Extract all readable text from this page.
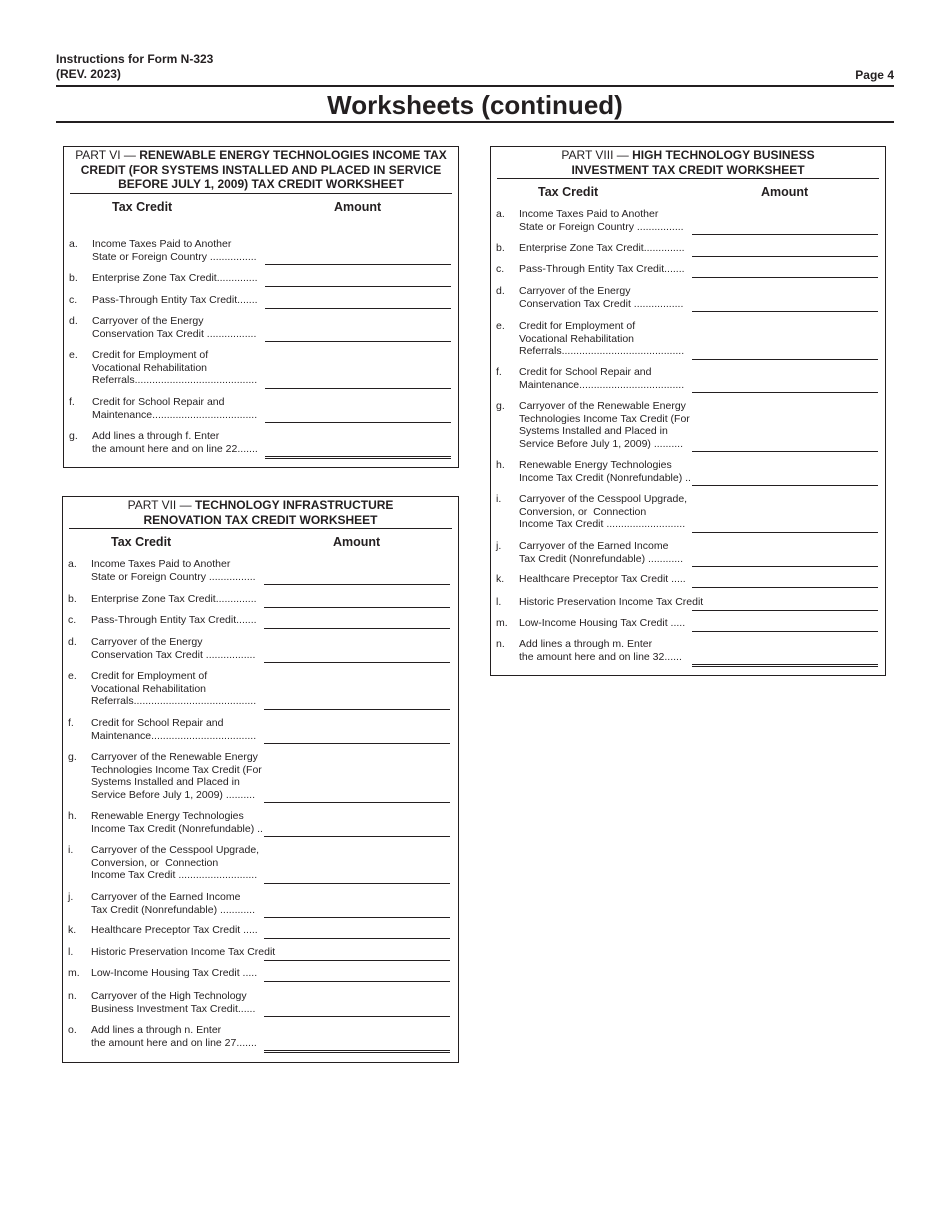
Instructions for Form N-323
(REV. 2023)	Page 4
Worksheets (continued)
PART VI — RENEWABLE ENERGY TECHNOLOGIES INCOME TAX CREDIT (FOR SYSTEMS INSTALLED AND PLACED IN SERVICE BEFORE JULY 1, 2009) TAX CREDIT WORKSHEET
Tax Credit	Amount
a. Income Taxes Paid to Another
State or Foreign Country ................
b. Enterprise Zone Tax Credit..............
c. Pass-Through Entity Tax Credit.......
d. Carryover of the Energy
Conservation Tax Credit .................
e. Credit for Employment of
Vocational Rehabilitation
Referrals..........................................
f. Credit for School Repair and
Maintenance....................................
g. Add lines a through f. Enter
the amount here and on line 22.......
PART VII — TECHNOLOGY INFRASTRUCTURE RENOVATION TAX CREDIT WORKSHEET
Tax Credit	Amount
a. Income Taxes Paid to Another
State or Foreign Country ................
b. Enterprise Zone Tax Credit..............
c. Pass-Through Entity Tax Credit.......
d. Carryover of the Energy
Conservation Tax Credit .................
e. Credit for Employment of
Vocational Rehabilitation
Referrals..........................................
f. Credit for School Repair and
Maintenance....................................
g. Carryover of the Renewable Energy
Technologies Income Tax Credit (For
Systems Installed and Placed in
Service Before July 1, 2009) ..........
h. Renewable Energy Technologies
Income Tax Credit (Nonrefundable) ..
i. Carryover of the Cesspool Upgrade,
Conversion, or  Connection
Income Tax Credit ...........................
j. Carryover of the Earned Income
Tax Credit (Nonrefundable) ............
k. Healthcare Preceptor Tax Credit .....
l. Historic Preservation Income Tax Credit
m. Low-Income Housing Tax Credit .....
n. Carryover of the High Technology
Business Investment Tax Credit......
o. Add lines a through n. Enter
the amount here and on line 27.......
PART VIII — HIGH TECHNOLOGY BUSINESS INVESTMENT TAX CREDIT WORKSHEET
Tax Credit	Amount
a. Income Taxes Paid to Another
State or Foreign Country ................
b. Enterprise Zone Tax Credit..............
c. Pass-Through Entity Tax Credit.......
d. Carryover of the Energy
Conservation Tax Credit .................
e. Credit for Employment of
Vocational Rehabilitation
Referrals..........................................
f. Credit for School Repair and
Maintenance....................................
g. Carryover of the Renewable Energy
Technologies Income Tax Credit (For
Systems Installed and Placed in
Service Before July 1, 2009) ..........
h. Renewable Energy Technologies
Income Tax Credit (Nonrefundable) ..
i. Carryover of the Cesspool Upgrade,
Conversion, or  Connection
Income Tax Credit ...........................
j. Carryover of the Earned Income
Tax Credit (Nonrefundable) ............
k. Healthcare Preceptor Tax Credit .....
l. Historic Preservation Income Tax Credit
m. Low-Income Housing Tax Credit .....
n. Add lines a through m. Enter
the amount here and on line 32......
